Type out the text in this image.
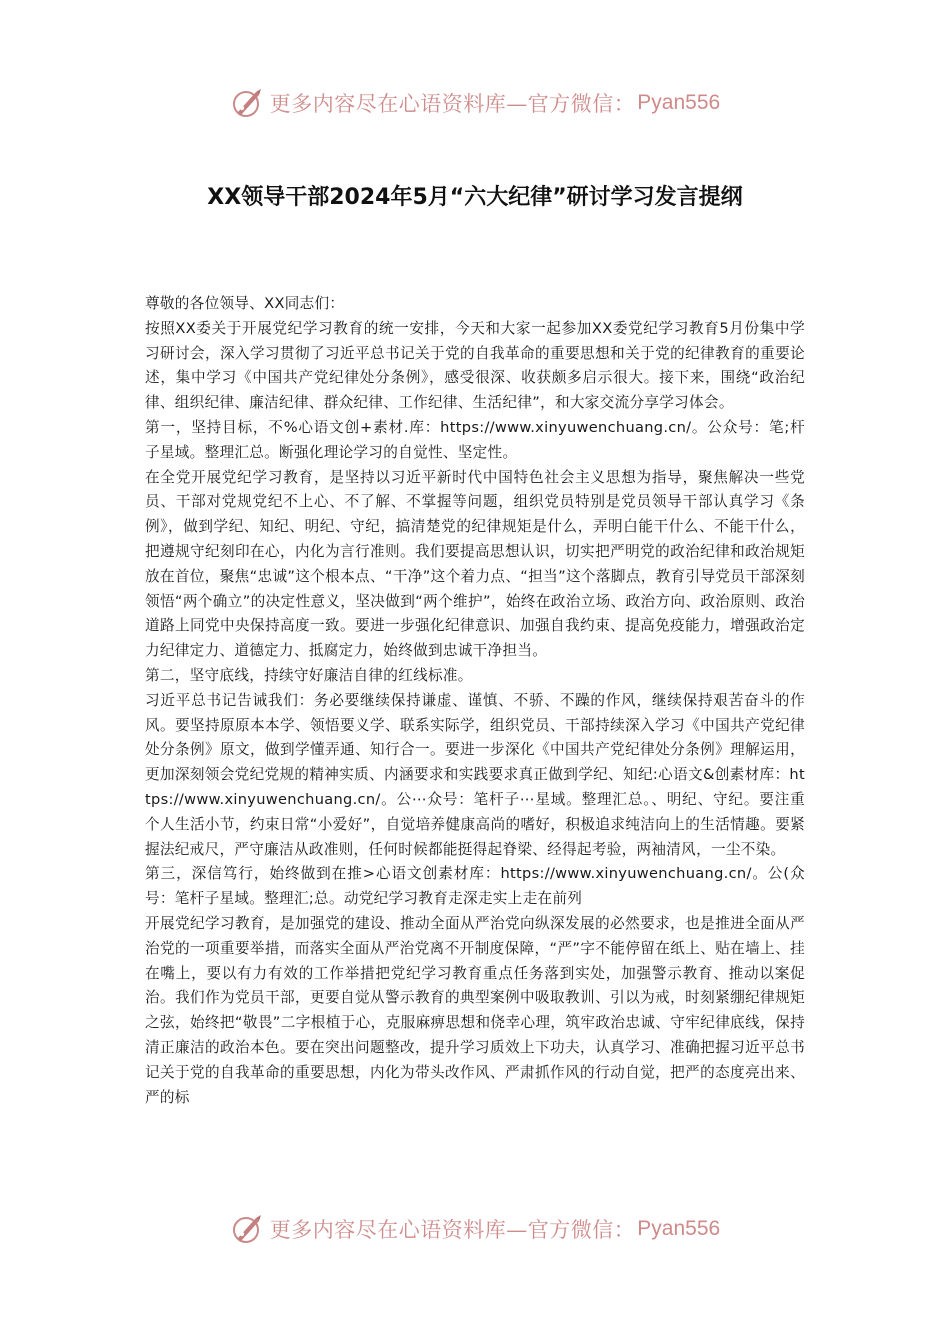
更多内容尽在心语资料库—官方微信： Pyan556
XX领导干部2024年5月“六大纪律”研讨学习发言提纲

尊敬的各位领导、XX同志们：

按照XX委关于开展党纪学习教育的统一安排，今天和大家一起参加XX委党纪学习教育5月份集中学习研讨会，深入学习贯彻了习近平总书记关于党的自我革命的重要思想和关于党的纪律教育的重要论述，集中学习《中国共产党纪律处分条例》，感受很深、收获颇多启示很大。接下来，围绕“政治纪律、组织纪律、廉洁纪律、群众纪律、工作纪律、生活纪律”，和大家交流分享学习体会。

第一，坚持目标，不%心语文创+素材.库：https://www.xinyuwenchuang.cn/。公众号：笔;杆子星域。整理汇总。断强化理论学习的自觉性、坚定性。

在全党开展党纪学习教育，是坚持以习近平新时代中国特色社会主义思想为指导，聚焦解决一些党员、干部对党规党纪不上心、不了解、不掌握等问题，组织党员特别是党员领导干部认真学习《条例》，做到学纪、知纪、明纪、守纪，搞清楚党的纪律规矩是什么，弄明白能干什么、不能干什么，把遵规守纪刻印在心，内化为言行准则。我们要提高思想认识，切实把严明党的政治纪律和政治规矩放在首位，聚焦“忠诚”这个根本点、“干净”这个着力点、“担当”这个落脚点，教育引导党员干部深刻领悟“两个确立”的决定性意义，坚决做到“两个维护”，始终在政治立场、政治方向、政治原则、政治道路上同党中央保持高度一致。要进一步强化纪律意识、加强自我约束、提高免疫能力，增强政治定力纪律定力、道德定力、抵腐定力，始终做到忠诚干净担当。

第二，坚守底线，持续守好廉洁自律的红线标准。

习近平总书记告诫我们：务必要继续保持谦虚、谨慎、不骄、不躁的作风，继续保持艰苦奋斗的作风。要坚持原原本本学、领悟要义学、联系实际学，组织党员、干部持续深入学习《中国共产党纪律处分条例》原文，做到学懂弄通、知行合一。要进一步深化《中国共产党纪律处分条例》理解运用，更加深刻领会党纪党规的精神实质、内涵要求和实践要求真正做到学纪、知纪:心语文&创素材库：https://www.xinyuwenchuang.cn/。公⋯众号：笔杆子⋯星域。整理汇总。、明纪、守纪。要注重个人生活小节，约束日常“小爱好”，自觉培养健康高尚的嗜好，积极追求纯洁向上的生活情趣。要紧握法纪戒尺，严守廉洁从政准则，任何时候都能挺得起脊梁、经得起考验，两袖清风，一尘不染。

第三，深信笃行，始终做到在推>心语文创素材库：https://www.xinyuwenchuang.cn/。公(众号：笔杆子星域。整理汇;总。动党纪学习教育走深走实上走在前列

开展党纪学习教育，是加强党的建设、推动全面从严治党向纵深发展的必然要求，也是推进全面从严治党的一项重要举措，而落实全面从严治党离不开制度保障，“严”字不能停留在纸上、贴在墙上、挂在嘴上，要以有力有效的工作举措把党纪学习教育重点任务落到实处，加强警示教育、推动以案促治。我们作为党员干部，更要自觉从警示教育的典型案例中吸取教训、引以为戒，时刻紧绷纪律规矩之弦，始终把“敬畏”二字根植于心，克服麻痹思想和侥幸心理，筑牢政治忠诚、守牢纪律底线，保持清正廉洁的政治本色。要在突出问题整改，提升学习质效上下功夫，认真学习、准确把握习近平总书记关于党的自我革命的重要思想，内化为带头改作风、严肃抓作风的行动自觉，把严的态度亮出来、严的标

更多内容尽在心语资料库—官方微信： Pyan556
